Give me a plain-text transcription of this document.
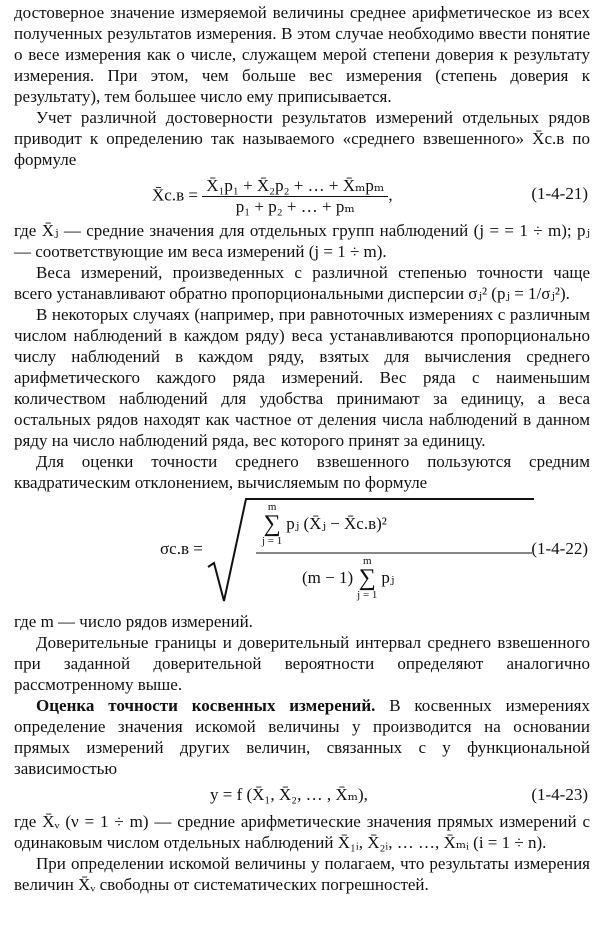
достоверное значение измеряемой величины среднее арифметическое из всех полученных результатов измерения. В этом случае необходимо ввести понятие о весе измерения как о числе, служащем мерой степени доверия к результату измерения. При этом, чем больше вес измерения (степень доверия к результату), тем большее число ему приписывается.

Учет различной достоверности результатов измерений отдельных рядов приводит к определению так называемого «среднего взвешенного» X̄с.в по формуле

X̄с.в = $\frac{\text{X̄₁p₁ + X̄₂p₂ + … + X̄ₘpₘ}}{\text{p₁ + p₂ + … + pₘ}}$ ,	(1-4-21)

где X̄ⱼ — средние значения для отдельных групп наблюдений (j = = 1 ÷ m); pⱼ — соответствующие им веса измерений (j = 1 ÷ m).

Веса измерений, произведенных с различной степенью точности чаще всего устанавливают обратно пропорциональными дисперсии σⱼ² (pⱼ = 1/σⱼ²).

В некоторых случаях (например, при равноточных измерениях с различным числом наблюдений в каждом ряду) веса устанавливаются пропорционально числу наблюдений в каждом ряду, взятых для вычисления среднего арифметического каждого ряда измерений. Вес ряда с наименьшим количеством наблюдений для удобства принимают за единицу, а веса остальных рядов находят как частное от деления числа наблюдений в данном ряду на число наблюдений ряда, вес которого принят за единицу.

Для оценки точности среднего взвешенного пользуются средним квадратическим отклонением, вычисляемым по формуле

σс.в =
m
∑
j = 1
pⱼ (X̄ⱼ − X̄с.в)²
(m − 1)
m
∑
j = 1
pⱼ
(1-4-22)

где m — число рядов измерений.

Доверительные границы и доверительный интервал среднего взвешенного при заданной доверительной вероятности определяют аналогично рассмотренному выше.

Оценка точности косвенных измерений. В косвенных измерениях определение значения искомой величины y производится на основании прямых измерений других величин, связанных с y функциональной зависимостью

y = f (X̄₁, X̄₂, … , X̄ₘ),	(1-4-23)

где X̄ᵥ (ν = 1 ÷ m) — средние арифметические значения прямых измерений с одинаковым числом отдельных наблюдений X̄₁ᵢ, X̄₂ᵢ, … …, X̄ₘᵢ (i = 1 ÷ n).

При определении искомой величины y полагаем, что результаты измерения величин X̄ᵥ свободны от систематических погрешностей.
